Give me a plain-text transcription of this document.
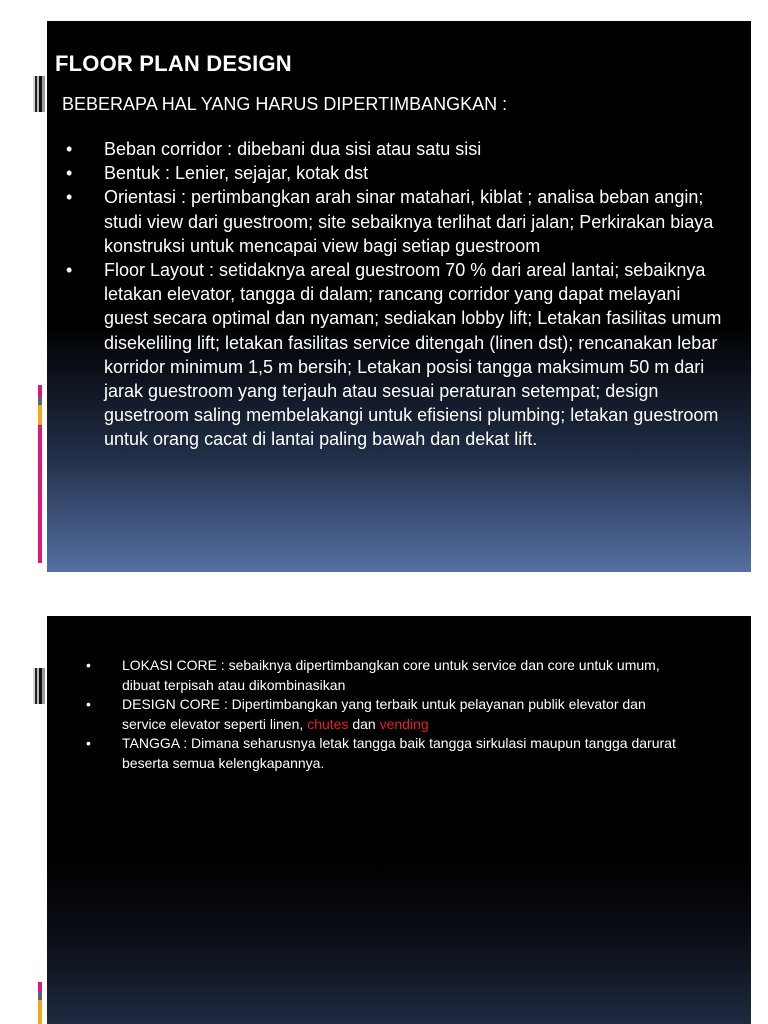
FLOOR PLAN DESIGN

BEBERAPA HAL YANG HARUS DIPERTIMBANGKAN :

• Beban corridor : dibebani dua sisi atau satu sisi
• Bentuk : Lenier, sejajar, kotak dst
• Orientasi : pertimbangkan arah sinar matahari, kiblat ; analisa beban angin; studi view dari guestroom; site sebaiknya terlihat dari jalan; Perkirakan biaya konstruksi untuk mencapai view bagi setiap guestroom
• Floor Layout : setidaknya areal guestroom 70 % dari areal lantai; sebaiknya letakan elevator, tangga di dalam; rancang corridor yang dapat melayani guest secara optimal dan nyaman; sediakan lobby lift; Letakan fasilitas umum disekeliling lift; letakan fasilitas service ditengah (linen dst); rencanakan lebar korridor minimum 1,5 m bersih; Letakan posisi tangga maksimum 50 m dari jarak guestroom yang terjauh atau sesuai peraturan setempat; design gusetroom saling membelakangi untuk efisiensi plumbing; letakan guestroom untuk orang cacat di lantai paling bawah dan dekat lift.
• LOKASI CORE : sebaiknya dipertimbangkan core untuk service dan core untuk umum, dibuat terpisah atau dikombinasikan
• DESIGN CORE : Dipertimbangkan yang terbaik untuk pelayanan publik elevator dan service elevator seperti linen, chutes dan vending
• TANGGA : Dimana seharusnya letak tangga baik tangga sirkulasi maupun tangga darurat beserta semua kelengkapannya.
